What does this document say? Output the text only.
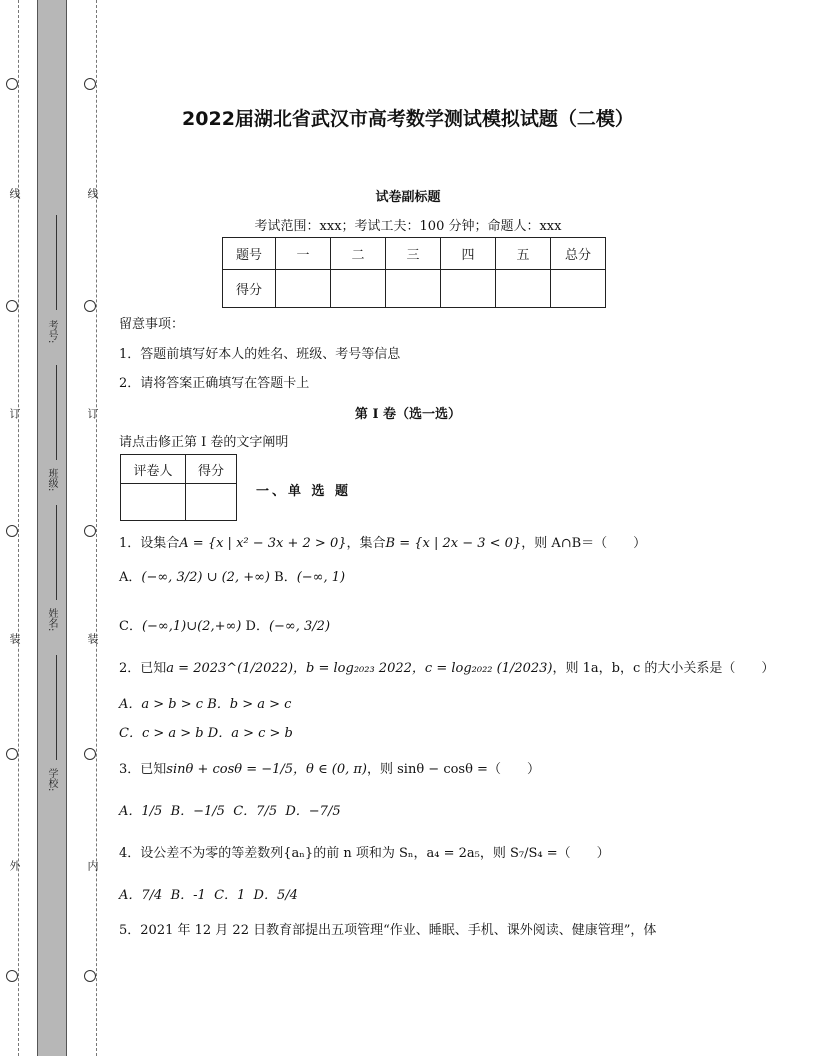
线
订
装
外
线
订
装
内
考号:
班级:
姓名:
学校:
2022届湖北省武汉市高考数学测试模拟试题（二模）
试卷副标题
考试范围：xxx；考试工夫：100 分钟；命题人：xxx
题号	一	二	三	四	五	总分
得分						
留意事项：
1．答题前填写好本人的姓名、班级、考号等信息
2．请将答案正确填写在答题卡上
第 I 卷（选一选）
请点击修正第 I 卷的文字阐明
评卷人	得分

一、单 选 题
1．设集合A = {x | x² − 3x + 2 > 0}，集合B = {x | 2x − 3 < 0}，则 A∩B＝（　　）
A．(−∞, 3/2) ∪ (2, +∞) B．(−∞, 1)
C．(−∞,1)∪(2,+∞) D．(−∞, 3/2)
2．已知a = 2023^(1/2022)，b = log₂₀₂₃ 2022，c = log₂₀₂₂ (1/2023)，则 1a，b，c 的大小关系是（　　）
A．a > b > c B．b > a > c
C．c > a > b D．a > c > b
3．已知sinθ + cosθ = −1/5，θ ∈ (0, π)，则 sinθ − cosθ =（　　）
A．1/5 B．−1/5 C．7/5 D．−7/5
4．设公差不为零的等差数列{aₙ}的前 n 项和为 Sₙ，a₄ = 2a₅，则 S₇/S₄ =（　　）
A．7/4 B．-1 C．1 D．5/4
5．2021 年 12 月 22 日教育部提出五项管理“作业、睡眠、手机、课外阅读、健康管理”，体
